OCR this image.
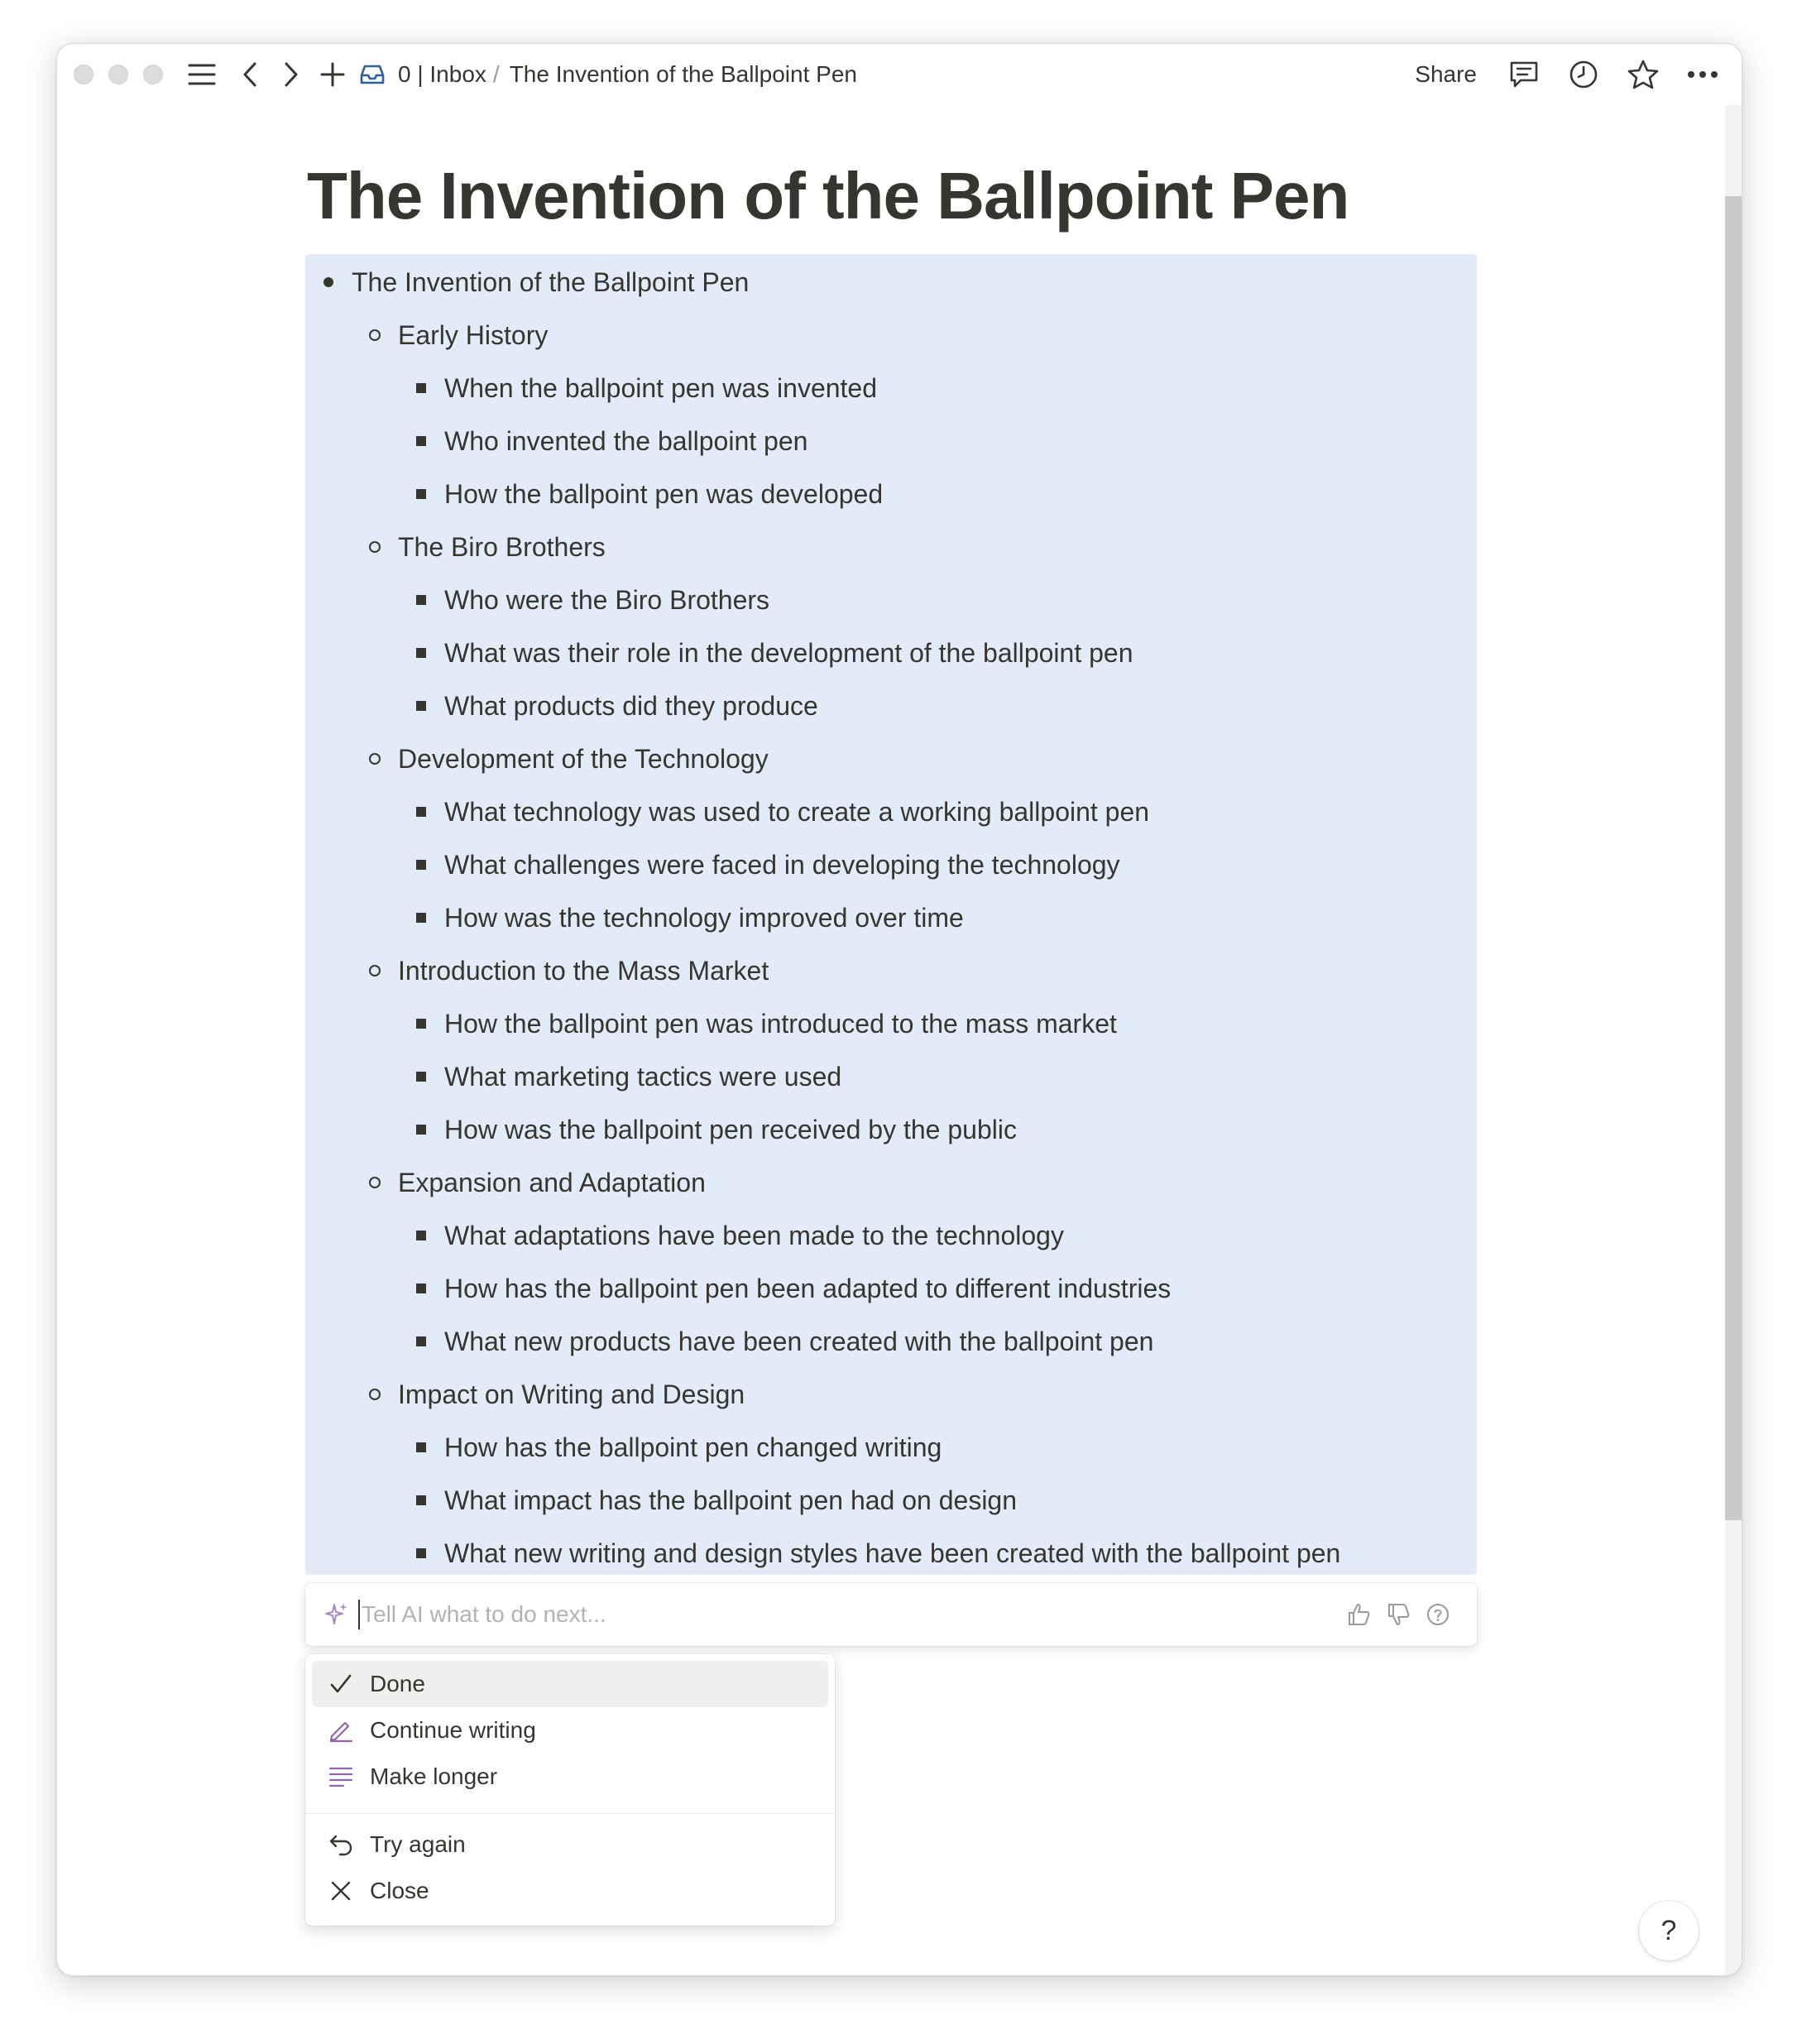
0 | Inbox / The Invention of the Ballpoint Pen	Share
The Invention of the Ballpoint Pen
The Invention of the Ballpoint Pen
Early History
When the ballpoint pen was invented
Who invented the ballpoint pen
How the ballpoint pen was developed
The Biro Brothers
Who were the Biro Brothers
What was their role in the development of the ballpoint pen
What products did they produce
Development of the Technology
What technology was used to create a working ballpoint pen
What challenges were faced in developing the technology
How was the technology improved over time
Introduction to the Mass Market
How the ballpoint pen was introduced to the mass market
What marketing tactics were used
How was the ballpoint pen received by the public
Expansion and Adaptation
What adaptations have been made to the technology
How has the ballpoint pen been adapted to different industries
What new products have been created with the ballpoint pen
Impact on Writing and Design
How has the ballpoint pen changed writing
What impact has the ballpoint pen had on design
What new writing and design styles have been created with the ballpoint pen
Tell AI what to do next...
Done
Continue writing
Make longer
Try again
Close
?
